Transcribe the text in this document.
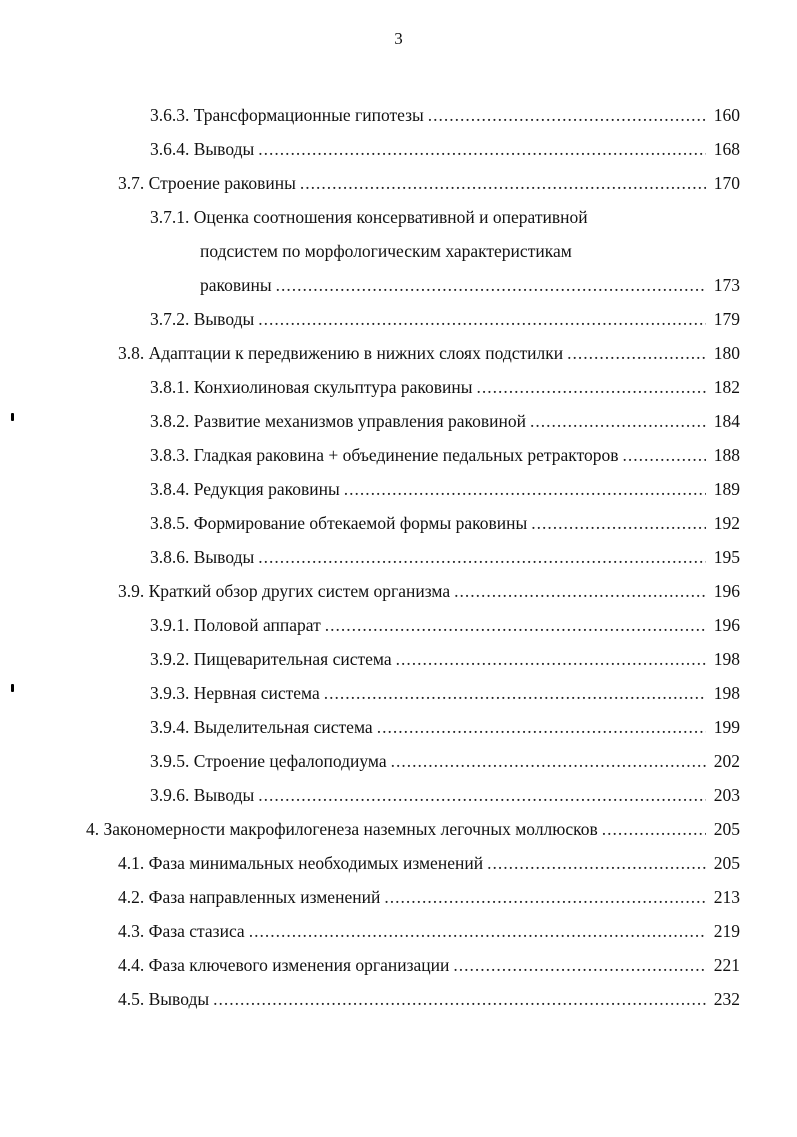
3
3.6.3. Трансформационные гипотезы .....	160
3.6.4. Выводы .....	168
3.7. Строение раковины .....	170
3.7.1. Оценка соотношения консервативной и оперативной
подсистем по морфологическим характеристикам
раковины .....	173
3.7.2. Выводы .....	179
3.8. Адаптации к передвижению в нижних слоях подстилки .....	180
3.8.1. Конхиолиновая скульптура раковины .....	182
3.8.2. Развитие механизмов управления раковиной .....	184
3.8.3. Гладкая раковина + объединение педальных ретракторов .....	188
3.8.4. Редукция раковины .....	189
3.8.5. Формирование обтекаемой формы раковины .....	192
3.8.6. Выводы .....	195
3.9. Краткий обзор других систем организма .....	196
3.9.1. Половой аппарат .....	196
3.9.2. Пищеварительная система .....	198
3.9.3. Нервная система .....	198
3.9.4. Выделительная система .....	199
3.9.5. Строение цефалоподиума .....	202
3.9.6. Выводы .....	203
4. Закономерности макрофилогенеза наземных легочных моллюсков .....	205
4.1. Фаза минимальных необходимых изменений .....	205
4.2. Фаза направленных изменений .....	213
4.3. Фаза стазиса .....	219
4.4. Фаза ключевого изменения организации .....	221
4.5. Выводы .....	232
